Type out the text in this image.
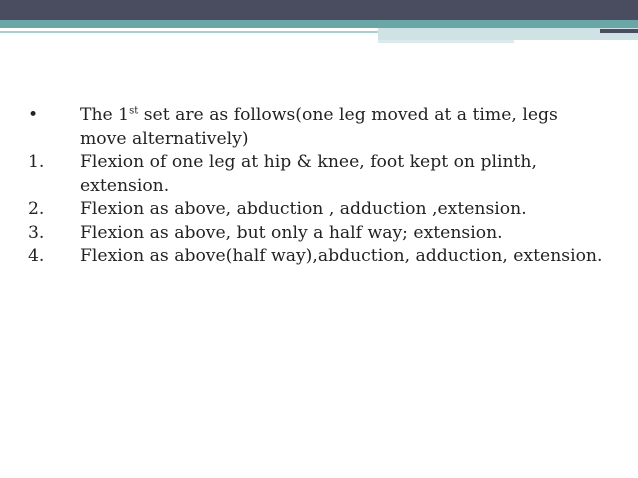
•	The 1st set are as follows(one leg moved at a time, legs move alternatively)
1.	Flexion of one leg at hip & knee, foot kept on plinth, extension.
2.	Flexion as above, abduction , adduction ,extension.
3.	Flexion as above, but only a half way; extension.
4.	Flexion as above(half way),abduction, adduction, extension.
